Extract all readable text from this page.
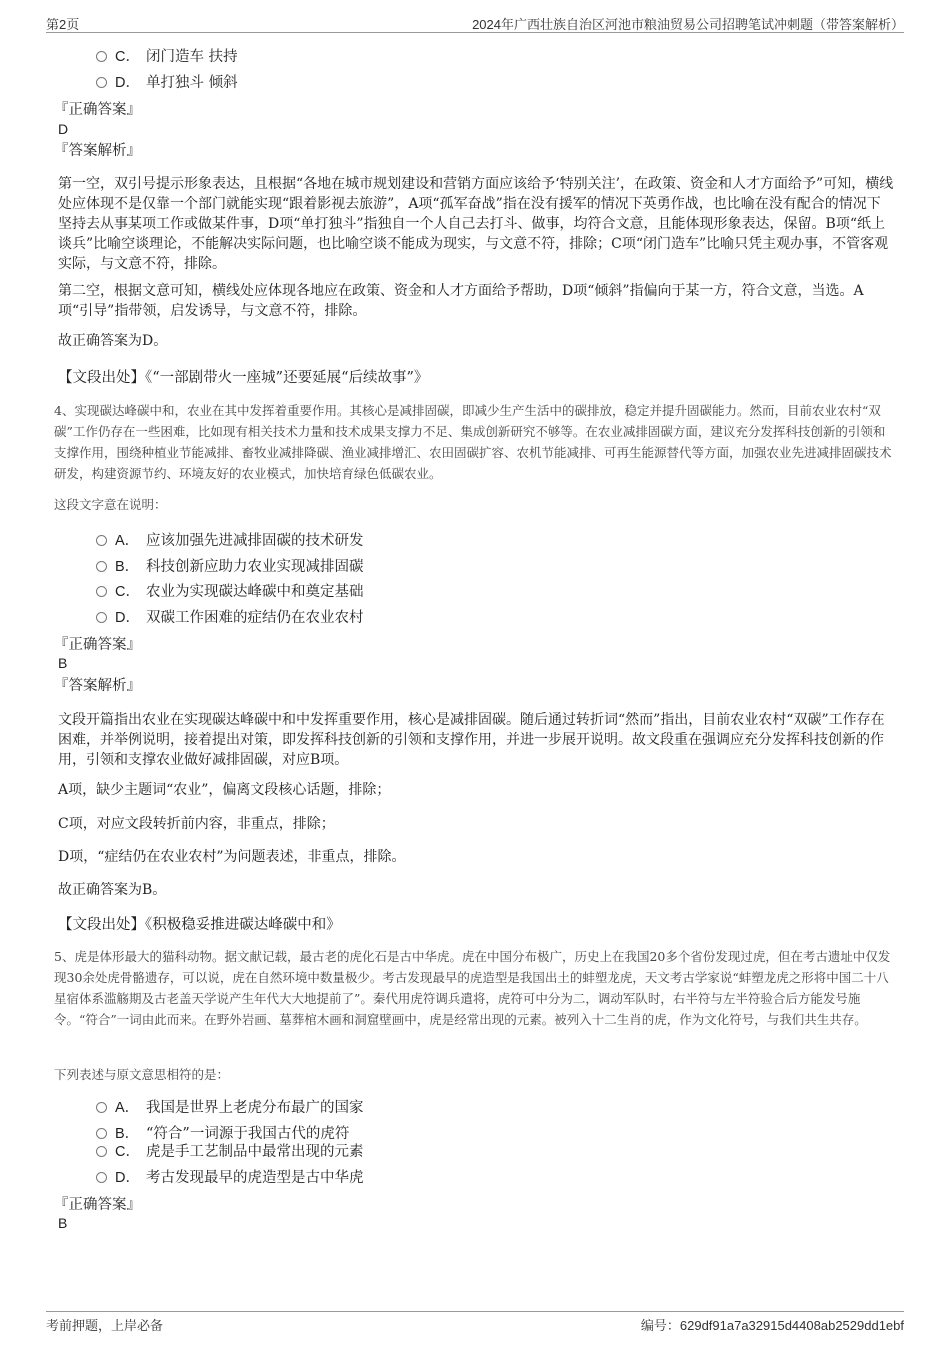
第2页	2024年广西壮族自治区河池市粮油贸易公司招聘笔试冲刺题（带答案解析）
C． 闭门造车 扶持
D． 单打独斗 倾斜
『正确答案』
D
『答案解析』
第一空，双引号提示形象表达，且根据“各地在城市规划建设和营销方面应该给予‘特别关注’，在政策、资金和人才方面给予”可知，横线处应体现不是仅靠一个部门就能实现“跟着影视去旅游”，A项“孤军奋战”指在没有援军的情况下英勇作战，也比喻在没有配合的情况下坚持去从事某项工作或做某件事，D项“单打独斗”指独自一个人自己去打斗、做事，均符合文意，且能体现形象表达，保留。B项“纸上谈兵”比喻空谈理论，不能解决实际问题，也比喻空谈不能成为现实，与文意不符，排除；C项“闭门造车”比喻只凭主观办事，不管客观实际，与文意不符，排除。
第二空，根据文意可知，横线处应体现各地应在政策、资金和人才方面给予帮助，D项“倾斜”指偏向于某一方，符合文意，当选。A项“引导”指带领，启发诱导，与文意不符，排除。
故正确答案为D。
【文段出处】《“一部剧带火一座城”还要延展“后续故事”》
4、实现碳达峰碳中和，农业在其中发挥着重要作用。其核心是减排固碳，即减少生产生活中的碳排放，稳定并提升固碳能力。然而，目前农业农村“双碳”工作仍存在一些困难，比如现有相关技术力量和技术成果支撑力不足、集成创新研究不够等。在农业减排固碳方面，建议充分发挥科技创新的引领和支撑作用，围绕种植业节能减排、畜牧业减排降碳、渔业减排增汇、农田固碳扩容、农机节能减排、可再生能源替代等方面，加强农业先进减排固碳技术研发，构建资源节约、环境友好的农业模式，加快培育绿色低碳农业。
这段文字意在说明：
A． 应该加强先进减排固碳的技术研发
B． 科技创新应助力农业实现减排固碳
C． 农业为实现碳达峰碳中和奠定基础
D． 双碳工作困难的症结仍在农业农村
『正确答案』
B
『答案解析』
文段开篇指出农业在实现碳达峰碳中和中发挥重要作用，核心是减排固碳。随后通过转折词“然而”指出，目前农业农村“双碳”工作存在困难，并举例说明，接着提出对策，即发挥科技创新的引领和支撑作用，并进一步展开说明。故文段重在强调应充分发挥科技创新的作用，引领和支撑农业做好减排固碳，对应B项。
A项，缺少主题词“农业”，偏离文段核心话题，排除；
C项，对应文段转折前内容，非重点，排除；
D项，“症结仍在农业农村”为问题表述，非重点，排除。
故正确答案为B。
【文段出处】《积极稳妥推进碳达峰碳中和》
5、虎是体形最大的猫科动物。据文献记载，最古老的虎化石是古中华虎。虎在中国分布极广，历史上在我国20多个省份发现过虎，但在考古遗址中仅发现30余处虎骨骼遗存，可以说，虎在自然环境中数量极少。考古发现最早的虎造型是我国出土的蚌塑龙虎，天文考古学家说“蚌塑龙虎之形将中国二十八星宿体系滥觞期及古老盖天学说产生年代大大地提前了”。秦代用虎符调兵遣将，虎符可中分为二，调动军队时，右半符与左半符验合后方能发号施令。“符合”一词由此而来。在野外岩画、墓葬棺木画和洞窟壁画中，虎是经常出现的元素。被列入十二生肖的虎，作为文化符号，与我们共生共存。
下列表述与原文意思相符的是：
A． 我国是世界上老虎分布最广的国家
B． “符合”一词源于我国古代的虎符
C． 虎是手工艺制品中最常出现的元素
D． 考古发现最早的虎造型是古中华虎
『正确答案』
B
考前押题，上岸必备	编号：629df91a7a32915d4408ab2529dd1ebf
